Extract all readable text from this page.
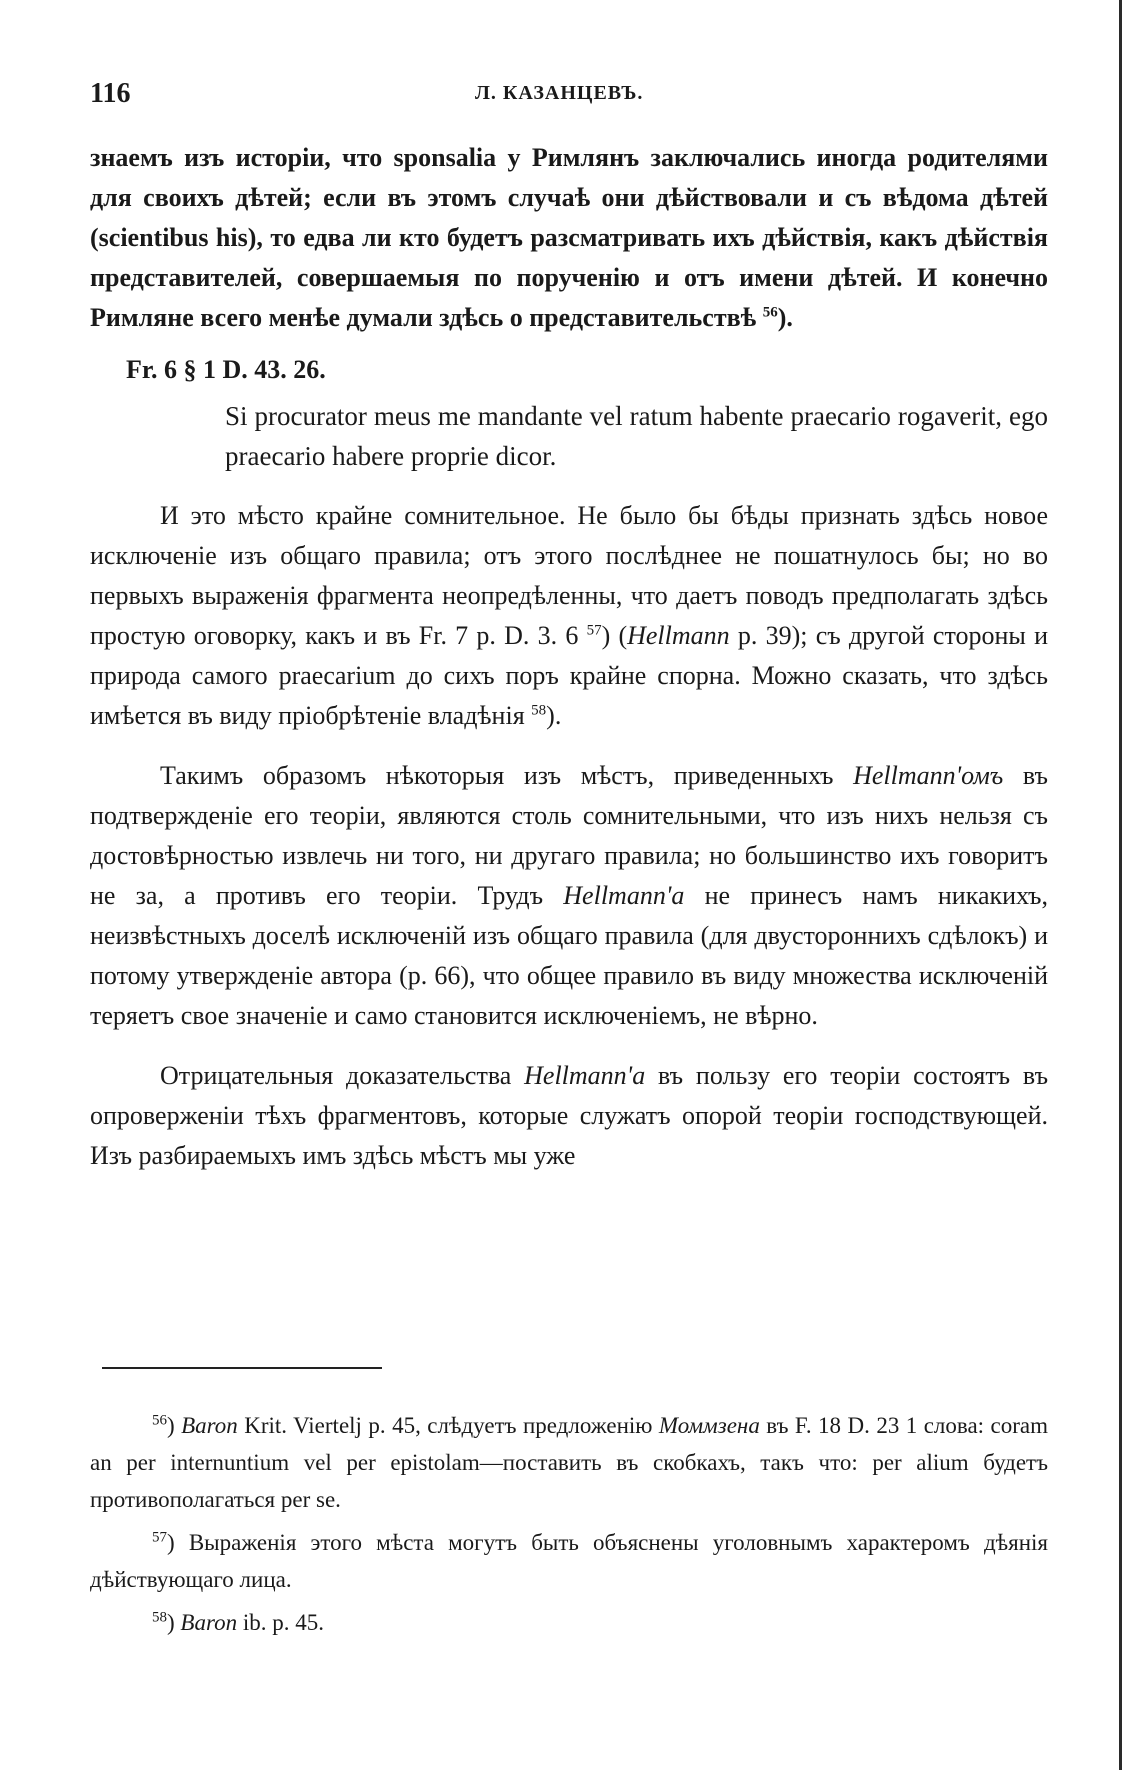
116	Л. КАЗАНЦЕВЪ.

знаемъ изъ исторіи, что sponsalia у Римлянъ заключались иногда родителями для своихъ дѣтей; если въ этомъ случаѣ они дѣйствовали и съ вѣдома дѣтей (scientibus his), то едва ли кто будетъ разсматривать ихъ дѣйствія, какъ дѣйствія представителей, совершаемыя по порученію и отъ имени дѣтей. И конечно Римляне всего менѣе думали здѣсь о представительствѣ $^{56}$).

Fr. 6 § 1 D. 43. 26.

Si procurator meus me mandante vel ratum habente praecario rogaverit, ego praecario habere proprie dicor.

И это мѣсто крайне сомнительное. Не было бы бѣды признать здѣсь новое исключеніе изъ общаго правила; отъ этого послѣднее не пошатнулось бы; но во первыхъ выраженія фрагмента неопредѣленны, что даетъ поводъ предполагать здѣсь простую оговорку, какъ и въ Fr. 7 p. D. 3. 6 $^{57}$) (Hellmann p. 39); съ другой стороны и природа самого praecarium до сихъ поръ крайне спорна. Можно сказать, что здѣсь имѣется въ виду пріобрѣтеніе владѣнія $^{58}$).

Такимъ образомъ нѣкоторыя изъ мѣстъ, приведенныхъ Hellmann'омъ въ подтвержденіе его теоріи, являются столь сомнительными, что изъ нихъ нельзя съ достовѣрностью извлечь ни того, ни другаго правила; но большинство ихъ говоритъ не за, а противъ его теоріи. Трудъ Hellmann'a не принесъ намъ никакихъ, неизвѣстныхъ доселѣ исключеній изъ общаго правила (для двустороннихъ сдѣлокъ) и потому утвержденіе автора (p. 66), что общее правило въ виду множества исключеній теряетъ свое значеніе и само становится исключеніемъ, не вѣрно.

Отрицательныя доказательства Hellmann'a въ пользу его теоріи состоятъ въ опроверженіи тѣхъ фрагментовъ, которые служатъ опорой теоріи господствующей. Изъ разбираемыхъ имъ здѣсь мѣстъ мы уже

$^{56}$) Baron Krit. Viertelj p. 45, слѣдуетъ предложенію Моммзена въ F. 18 D. 23 1 слова: coram an per internuntium vel per epistolam—поставить въ скобкахъ, такъ что: per alium будетъ противополагаться per se.

$^{57}$) Выраженія этого мѣста могутъ быть объяснены уголовнымъ характеромъ дѣянія дѣйствующаго лица.

$^{58}$) Baron ib. p. 45.
